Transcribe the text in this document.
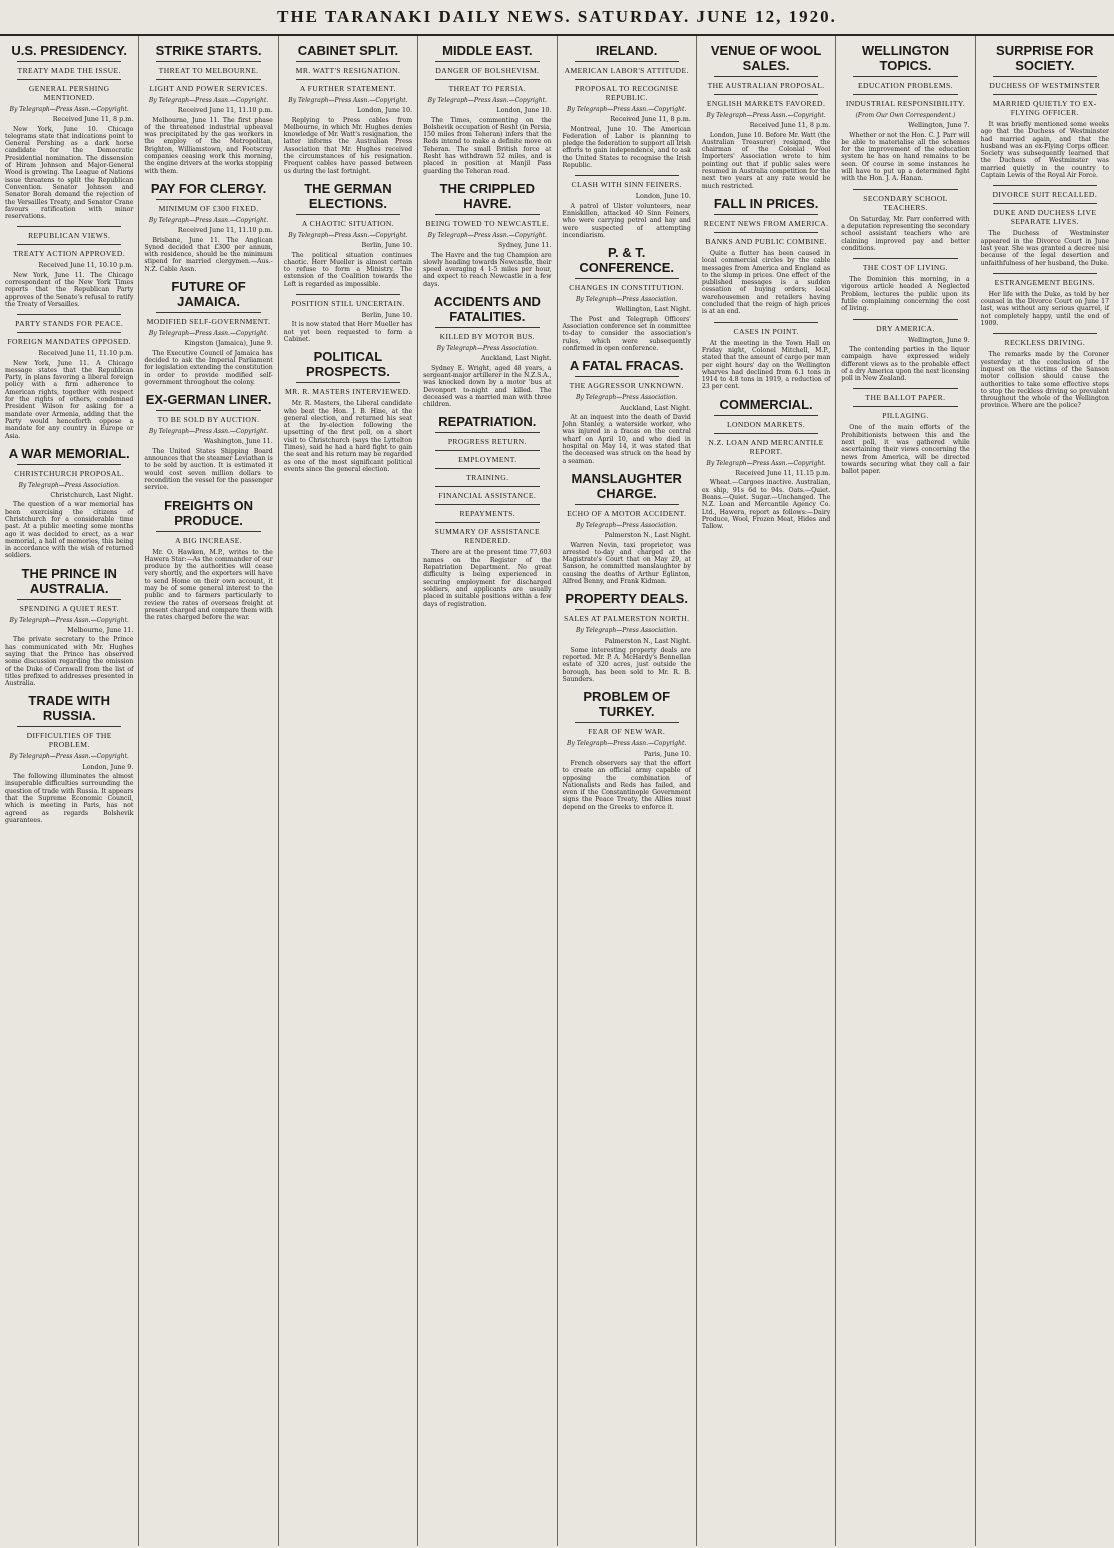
THE TARANAKI DAILY NEWS. SATURDAY. JUNE 12, 1920.
U.S. PRESIDENCY.
TREATY MADE THE ISSUE.
GENERAL PERSHING MENTIONED.
By Telegraph—Press Assn.—Copyright.
Received June 11, 8 p.m.
New York, June 10. Chicago telegrams state that indications point to General Pershing as a dark horse candidate for the Democratic Presidential nomination. The dissension of Hiram Johnson and Major-General Wood is growing. The League of Nations issue threatens to split the Republican Convention. Senator Johnson and Senator Borah demand the rejection of the Versailles Treaty, and Senator Crane favours ratification with minor reservations.
REPUBLICAN VIEWS.
TREATY ACTION APPROVED.
Received June 11, 10.10 p.m.
New York, June 11. The Chicago correspondent of the New York Times reports that the Republican Party approves of the Senate's refusal to ratify the Treaty of Versailles.
PARTY STANDS FOR PEACE.
FOREIGN MANDATES OPPOSED.
Received June 11, 11.10 p.m.
New York, June 11. A Chicago message states that the Republican Party, in plans favoring a liberal foreign policy with a firm adherence to American rights, together with respect for the rights of others, condemned President Wilson for asking for a mandate over Armenia, adding that the Party would henceforth oppose a mandate for any country in Europe or Asia.
A WAR MEMORIAL.
CHRISTCHURCH PROPOSAL.
By Telegraph—Press Association.
Christchurch, Last Night.
The question of a war memorial has been exercising the citizens of Christchurch for a considerable time past. At a public meeting some months ago it was decided to erect, as a war memorial, a hall of memories, this being in accordance with the wish of returned soldiers.
THE PRINCE IN AUSTRALIA.
SPENDING A QUIET REST.
By Telegraph—Press Assn.—Copyright.
Melbourne, June 11.
The private secretary to the Prince has communicated with Mr. Hughes saying that the Prince has observed some discussion regarding the omission of the Duke of Cornwall from the list of titles prefixed to addresses presented in Australia.
TRADE WITH RUSSIA.
DIFFICULTIES OF THE PROBLEM.
By Telegraph—Press Assn.—Copyright.
London, June 9.
The following illuminates the almost insuperable difficulties surrounding the question of trade with Russia. It appears that the Supreme Economic Council, which is meeting in Paris, has not agreed as regards Bolshevik guarantees.
STRIKE STARTS.
THREAT TO MELBOURNE.
LIGHT AND POWER SERVICES.
By Telegraph—Press Assn.—Copyright.
Received June 11, 11.10 p.m.
Melbourne, June 11. The first phase of the threatened industrial upheaval was precipitated by the gas workers in the employ of the Metropolitan, Brighton, Williamstown, and Footscray companies ceasing work this morning, the engine drivers at the works stopping with them.
PAY FOR CLERGY.
MINIMUM OF £300 FIXED.
By Telegraph—Press Assn.—Copyright.
Received June 11, 11.10 p.m.
Brisbane, June 11. The Anglican Synod decided that £300 per annum, with residence, should be the minimum stipend for married clergymen.—Aus.-N.Z. Cable Assn.
FUTURE OF JAMAICA.
MODIFIED SELF-GOVERNMENT.
By Telegraph—Press Assn.—Copyright.
Kingston (Jamaica), June 9.
The Executive Council of Jamaica has decided to ask the Imperial Parliament for legislation extending the constitution in order to provide modified self-government throughout the colony.
EX-GERMAN LINER.
TO BE SOLD BY AUCTION.
By Telegraph—Press Assn.—Copyright.
Washington, June 11.
The United States Shipping Board announces that the steamer Leviathan is to be sold by auction. It is estimated it would cost seven million dollars to recondition the vessel for the passenger service.
FREIGHTS ON PRODUCE.
A BIG INCREASE.
Mr. O. Hawken, M.P., writes to the Hawera Star:—As the commander of our produce by the authorities will cease very shortly, and the exporters will have to send Home on their own account, it may be of some general interest to the public and to farmers particularly to review the rates of overseas freight at present charged and compare them with the rates charged before the war.
CABINET SPLIT.
MR. WATT'S RESIGNATION.
A FURTHER STATEMENT.
By Telegraph—Press Assn.—Copyright.
London, June 10.
Replying to Press cables from Melbourne, in which Mr. Hughes denies knowledge of Mr. Watt's resignation, the latter informs the Australian Press Association that Mr. Hughes received the circumstances of his resignation. Frequent cables have passed between us during the last fortnight.
THE GERMAN ELECTIONS.
A CHAOTIC SITUATION.
By Telegraph—Press Assn.—Copyright.
Berlin, June 10.
The political situation continues chaotic. Herr Mueller is almost certain to refuse to form a Ministry. The extension of the Coalition towards the Left is regarded as impossible.
POSITION STILL UNCERTAIN.
Berlin, June 10.
It is now stated that Herr Mueller has not yet been requested to form a Cabinet.
POLITICAL PROSPECTS.
MR. R. MASTERS INTERVIEWED.
Mr. R. Masters, the Liberal candidate who beat the Hon. J. B. Hine, at the general election, and returned his seat at the by-election following the upsetting of the first poll, on a short visit to Christchurch (says the Lyttelton Times), said he had a hard fight to gain the seat and his return may be regarded as one of the most significant political events since the general election.
MIDDLE EAST.
DANGER OF BOLSHEVISM.
THREAT TO PERSIA.
By Telegraph—Press Assn.—Copyright.
London, June 10.
The Times, commenting on the Bolshevik occupation of Resht (in Persia, 150 miles from Teheran) infers that the Reds intend to make a definite move on Teheran. The small British force at Resht has withdrawn 52 miles, and is placed in position at Manjil Pass guarding the Teheran road.
THE CRIPPLED HAVRE.
BEING TOWED TO NEWCASTLE.
By Telegraph—Press Assn.—Copyright.
Sydney, June 11.
The Havre and the tug Champion are slowly heading towards Newcastle, their speed averaging 4 1-5 miles per hour, and expect to reach Newcastle in a few days.
ACCIDENTS AND FATALITIES.
KILLED BY MOTOR BUS.
By Telegraph—Press Association.
Auckland, Last Night.
Sydney E. Wright, aged 48 years, a sergeant-major artillerer in the N.Z.S.A., was knocked down by a motor 'bus at Devonport to-night and killed. The deceased was a married man with three children.
REPATRIATION.
PROGRESS RETURN.
EMPLOYMENT.
TRAINING.
FINANCIAL ASSISTANCE.
REPAYMENTS.
SUMMARY OF ASSISTANCE RENDERED.
There are at the present time 77,603 names on the Register of the Repatriation Department. No great difficulty is being experienced in securing employment for discharged soldiers, and applicants are usually placed in suitable positions within a few days of registration.
IRELAND.
AMERICAN LABOR'S ATTITUDE.
PROPOSAL TO RECOGNISE REPUBLIC.
By Telegraph—Press Assn.—Copyright.
Received June 11, 8 p.m.
Montreal, June 10. The American Federation of Labor is planning to pledge the federation to support all Irish efforts to gain independence, and to ask the United States to recognise the Irish Republic.
CLASH WITH SINN FEINERS.
London, June 10.
A patrol of Ulster volunteers, near Enniskillen, attacked 40 Sinn Feiners, who were carrying petrol and hay and were suspected of attempting incendiarism.
P. & T. CONFERENCE.
CHANGES IN CONSTITUTION.
By Telegraph—Press Association.
Wellington, Last Night.
The Post and Telegraph Officers' Association conference set in committee to-day to consider the association's rules, which were subsequently confirmed in open conference.
A FATAL FRACAS.
THE AGGRESSOR UNKNOWN.
By Telegraph—Press Association.
Auckland, Last Night.
At an inquest into the death of David John Stanley, a waterside worker, who was injured in a fracas on the central wharf on April 10, and who died in hospital on May 14, it was stated that the deceased was struck on the head by a seaman.
MANSLAUGHTER CHARGE.
ECHO OF A MOTOR ACCIDENT.
By Telegraph—Press Association.
Palmerston N., Last Night.
Warren Nevin, taxi proprietor, was arrested to-day and charged at the Magistrate's Court that on May 29, at Sanson, he committed manslaughter by causing the deaths of Arthur Eglinton, Alfred Benny, and Frank Kidman.
PROPERTY DEALS.
SALES AT PALMERSTON NORTH.
By Telegraph—Press Association.
Palmerston N., Last Night.
Some interesting property deals are reported. Mr. P. A. McHardy's Bennellan estate of 320 acres, just outside the borough, has been sold to Mr. R. B. Saunders.
PROBLEM OF TURKEY.
FEAR OF NEW WAR.
By Telegraph—Press Assn.—Copyright.
Paris, June 10.
French observers say that the effort to create an official army capable of opposing the combination of Nationalists and Reds has failed, and even if the Constantinople Government signs the Peace Treaty, the Allies must depend on the Greeks to enforce it.
VENUE OF WOOL SALES.
THE AUSTRALIAN PROPOSAL.
ENGLISH MARKETS FAVORED.
By Telegraph—Press Assn.—Copyright.
Received June 11, 8 p.m.
London, June 10. Before Mr. Watt (the Australian Treasurer) resigned, the chairman of the Colonial Wool Importers' Association wrote to him pointing out that if public sales were resumed in Australia competition for the next two years at any rate would be much restricted.
FALL IN PRICES.
RECENT NEWS FROM AMERICA.
BANKS AND PUBLIC COMBINE.
Quite a flutter has been caused in local commercial circles by the cable messages from America and England as to the slump in prices. One effect of the published messages is a sudden cessation of buying orders; local warehousemen and retailers having concluded that the reign of high prices is at an end.
CASES IN POINT.
At the meeting in the Town Hall on Friday night, Colonel Mitchell, M.P., stated that the amount of cargo per man per eight hours' day on the Wellington wharves had declined from 6.1 tons in 1914 to 4.8 tons in 1919, a reduction of 23 per cent.
COMMERCIAL.
LONDON MARKETS.
N.Z. LOAN AND MERCANTILE REPORT.
By Telegraph—Press Assn.—Copyright.
Received June 11, 11.15 p.m.
Wheat.—Cargoes inactive. Australian, ex ship, 91s 6d to 94s. Oats.—Quiet. Beans.—Quiet. Sugar.—Unchanged. The N.Z. Loan and Mercantile Agency Co. Ltd., Hawera, report as follows:—Dairy Produce, Wool, Frozen Meat, Hides and Tallow.
WELLINGTON TOPICS.
EDUCATION PROBLEMS.
INDUSTRIAL RESPONSIBILITY.
(From Our Own Correspondent.)
Wellington, June 7.
Whether or not the Hon. C. J. Parr will be able to materialise all the schemes for the improvement of the education system he has on hand remains to be seen. Of course in some instances he will have to put up a determined fight with the Hon. J. A. Hanan.
SECONDARY SCHOOL TEACHERS.
On Saturday, Mr. Parr conferred with a deputation representing the secondary school assistant teachers who are claiming improved pay and better conditions.
THE COST OF LIVING.
The Dominion this morning, in a vigorous article headed A Neglected Problem, lectures the public upon its futile complaining concerning the cost of living.
DRY AMERICA.
Wellington, June 9.
The contending parties in the liquor campaign have expressed widely different views as to the probable effect of a dry America upon the next licensing poll in New Zealand.
THE BALLOT PAPER.
PILLAGING.
One of the main efforts of the Prohibitionists between this and the next poll, it was gathered while ascertaining their views concerning the news from America, will be directed towards securing what they call a fair ballot paper.
SURPRISE FOR SOCIETY.
DUCHESS OF WESTMINSTER
MARRIED QUIETLY TO EX-FLYING OFFICER.
It was briefly mentioned some weeks ago that the Duchess of Westminster had married again, and that the husband was an ex-Flying Corps officer. Society was subsequently learned that the Duchess of Westminster was married quietly in the country to Captain Lewis of the Royal Air Force.
DIVORCE SUIT RECALLED.
DUKE AND DUCHESS LIVE SEPARATE LIVES.
The Duchess of Westminster appeared in the Divorce Court in June last year. She was granted a decree nisi because of the legal desertion and unfaithfulness of her husband, the Duke.
ESTRANGEMENT BEGINS.
Her life with the Duke, as told by her counsel in the Divorce Court on June 17 last, was without any serious quarrel, if not completely happy, until the end of 1909.
RECKLESS DRIVING.
The remarks made by the Coroner yesterday at the conclusion of the inquest on the victims of the Sanson motor collision should cause the authorities to take some effective steps to stop the reckless driving so prevalent throughout the whole of the Wellington province. Where are the police?
